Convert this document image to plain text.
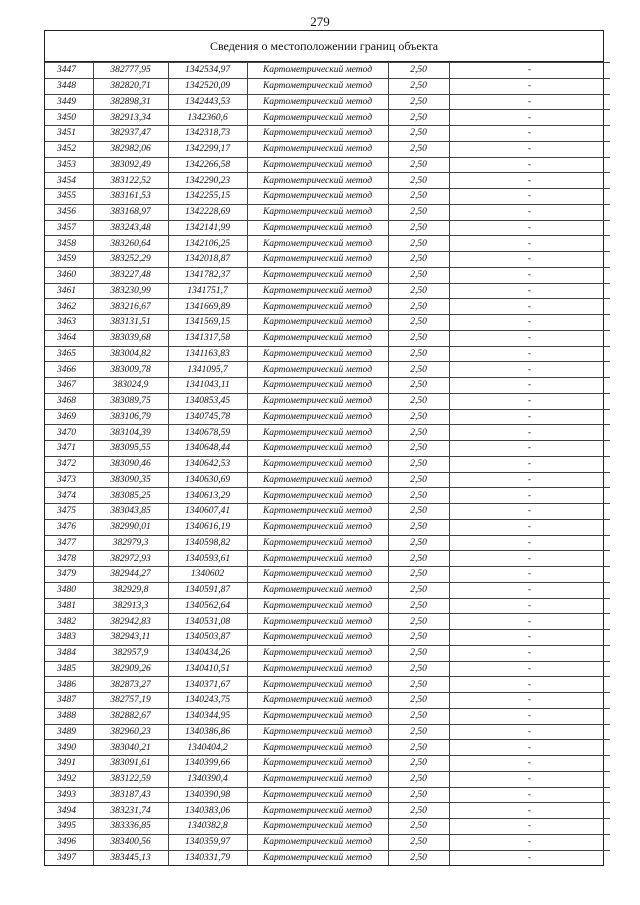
279
Сведения о местоположении границ объекта
3447	382777,95	1342534,97	Картометрический метод	2,50	-
3448	382820,71	1342520,09	Картометрический метод	2,50	-
3449	382898,31	1342443,53	Картометрический метод	2,50	-
3450	382913,34	1342360,6	Картометрический метод	2,50	-
3451	382937,47	1342318,73	Картометрический метод	2,50	-
3452	382982,06	1342299,17	Картометрический метод	2,50	-
3453	383092,49	1342266,58	Картометрический метод	2,50	-
3454	383122,52	1342290,23	Картометрический метод	2,50	-
3455	383161,53	1342255,15	Картометрический метод	2,50	-
3456	383168,97	1342228,69	Картометрический метод	2,50	-
3457	383243,48	1342141,99	Картометрический метод	2,50	-
3458	383260,64	1342106,25	Картометрический метод	2,50	-
3459	383252,29	1342018,87	Картометрический метод	2,50	-
3460	383227,48	1341782,37	Картометрический метод	2,50	-
3461	383230,99	1341751,7	Картометрический метод	2,50	-
3462	383216,67	1341669,89	Картометрический метод	2,50	-
3463	383131,51	1341569,15	Картометрический метод	2,50	-
3464	383039,68	1341317,58	Картометрический метод	2,50	-
3465	383004,82	1341163,83	Картометрический метод	2,50	-
3466	383009,78	1341095,7	Картометрический метод	2,50	-
3467	383024,9	1341043,11	Картометрический метод	2,50	-
3468	383089,75	1340853,45	Картометрический метод	2,50	-
3469	383106,79	1340745,78	Картометрический метод	2,50	-
3470	383104,39	1340678,59	Картометрический метод	2,50	-
3471	383095,55	1340648,44	Картометрический метод	2,50	-
3472	383090,46	1340642,53	Картометрический метод	2,50	-
3473	383090,35	1340630,69	Картометрический метод	2,50	-
3474	383085,25	1340613,29	Картометрический метод	2,50	-
3475	383043,85	1340607,41	Картометрический метод	2,50	-
3476	382990,01	1340616,19	Картометрический метод	2,50	-
3477	382979,3	1340598,82	Картометрический метод	2,50	-
3478	382972,93	1340593,61	Картометрический метод	2,50	-
3479	382944,27	1340602	Картометрический метод	2,50	-
3480	382929,8	1340591,87	Картометрический метод	2,50	-
3481	382913,3	1340562,64	Картометрический метод	2,50	-
3482	382942,83	1340531,08	Картометрический метод	2,50	-
3483	382943,11	1340503,87	Картометрический метод	2,50	-
3484	382957,9	1340434,26	Картометрический метод	2,50	-
3485	382909,26	1340410,51	Картометрический метод	2,50	-
3486	382873,27	1340371,67	Картометрический метод	2,50	-
3487	382757,19	1340243,75	Картометрический метод	2,50	-
3488	382882,67	1340344,95	Картометрический метод	2,50	-
3489	382960,23	1340386,86	Картометрический метод	2,50	-
3490	383040,21	1340404,2	Картометрический метод	2,50	-
3491	383091,61	1340399,66	Картометрический метод	2,50	-
3492	383122,59	1340390,4	Картометрический метод	2,50	-
3493	383187,43	1340390,98	Картометрический метод	2,50	-
3494	383231,74	1340383,06	Картометрический метод	2,50	-
3495	383336,85	1340382,8	Картометрический метод	2,50	-
3496	383400,56	1340359,97	Картометрический метод	2,50	-
3497	383445,13	1340331,79	Картометрический метод	2,50	-
